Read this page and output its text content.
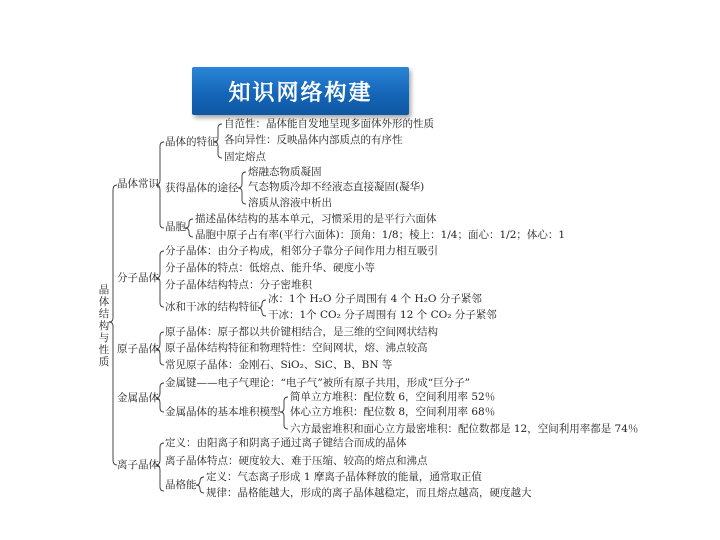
知识网络构建
晶体结构与性质
晶体常识
晶体的特征
自范性：晶体能自发地呈现多面体外形的性质
各向异性：反映晶体内部质点的有序性
固定熔点
获得晶体的途径
熔融态物质凝固
气态物质冷却不经液态直接凝固(凝华)
溶质从溶液中析出
晶胞
描述晶体结构的基本单元，习惯采用的是平行六面体
晶胞中原子占有率(平行六面体)：顶角：1/8；棱上：1/4；面心：1/2；体心：1
分子晶体
分子晶体：由分子构成，相邻分子靠分子间作用力相互吸引
分子晶体的特点：低熔点、能升华、硬度小等
分子晶体结构特点：分子密堆积
冰和干冰的结构特征
冰：1个 H₂O 分子周围有 4 个 H₂O 分子紧邻
干冰：1个 CO₂ 分子周围有 12 个 CO₂ 分子紧邻
原子晶体
原子晶体：原子都以共价键相结合，是三维的空间网状结构
原子晶体结构特征和物理特性：空间网状，熔、沸点较高
常见原子晶体：金刚石、SiO₂、SiC、B、BN 等
金属晶体
金属键——电子气理论：“电子气”被所有原子共用，形成“巨分子”
金属晶体的基本堆积模型
简单立方堆积：配位数 6，空间利用率 52％
体心立方堆积：配位数 8，空间利用率 68％
六方最密堆积和面心立方最密堆积：配位数都是 12，空间利用率都是 74％
离子晶体
定义：由阳离子和阴离子通过离子键结合而成的晶体
离子晶体特点：硬度较大、难于压缩、较高的熔点和沸点
晶格能
定义：气态离子形成 1 摩离子晶体释放的能量，通常取正值
规律：晶格能越大，形成的离子晶体越稳定，而且熔点越高，硬度越大
